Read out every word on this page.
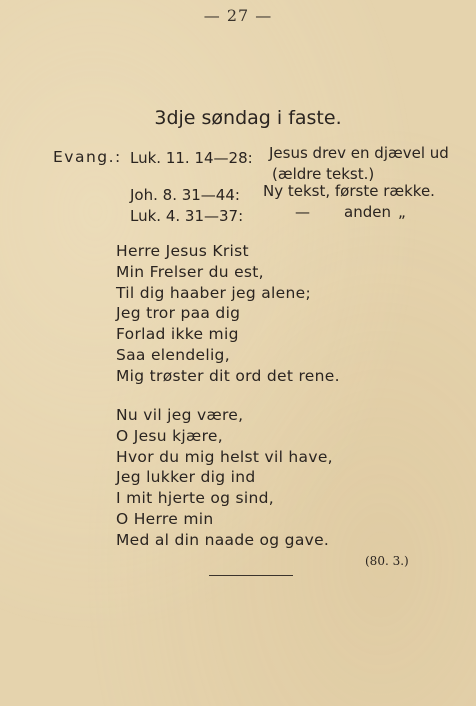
— 27 —
3dje søndag i faste.
Evang.: Luk. 11. 14—28: Jesus drev en djævel ud
(ældre tekst.)
Joh. 8. 31—44: Ny tekst, første række.
Luk. 4. 31—37:	— anden „
Herre Jesus Krist
Min Frelser du est,
Til dig haaber jeg alene;
Jeg tror paa dig
Forlad ikke mig
Saa elendelig,
Mig trøster dit ord det rene.
Nu vil jeg være,
O Jesu kjære,
Hvor du mig helst vil have,
Jeg lukker dig ind
I mit hjerte og sind,
O Herre min
Med al din naade og gave.
(80. 3.)
